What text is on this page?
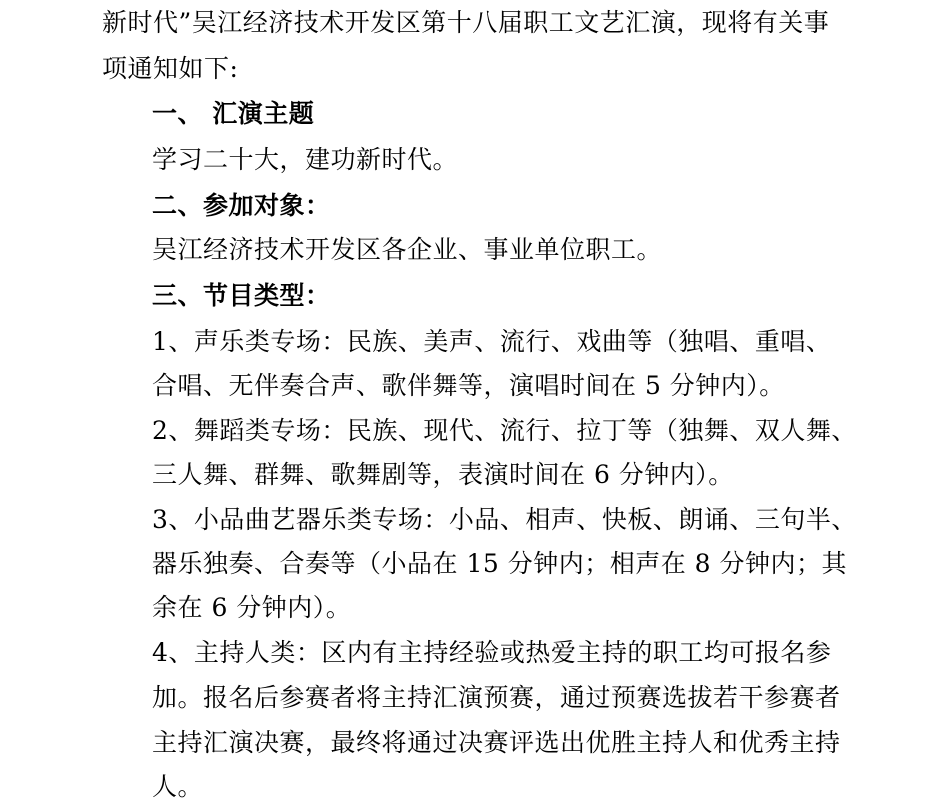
新时代”吴江经济技术开发区第十八届职工文艺汇演，现将有关事
项通知如下:
一、 汇演主题
学习二十大，建功新时代。
二、参加对象：
吴江经济技术开发区各企业、事业单位职工。
三、节目类型：
1、声乐类专场：民族、美声、流行、戏曲等（独唱、重唱、
合唱、无伴奏合声、歌伴舞等，演唱时间在 5 分钟内）。
2、舞蹈类专场：民族、现代、流行、拉丁等（独舞、双人舞、
三人舞、群舞、歌舞剧等，表演时间在 6 分钟内）。
3、小品曲艺器乐类专场：小品、相声、快板、朗诵、三句半、
器乐独奏、合奏等（小品在 15 分钟内；相声在 8 分钟内；其
余在 6 分钟内）。
4、主持人类：区内有主持经验或热爱主持的职工均可报名参
加。报名后参赛者将主持汇演预赛，通过预赛选拔若干参赛者
主持汇演决赛，最终将通过决赛评选出优胜主持人和优秀主持
人。
